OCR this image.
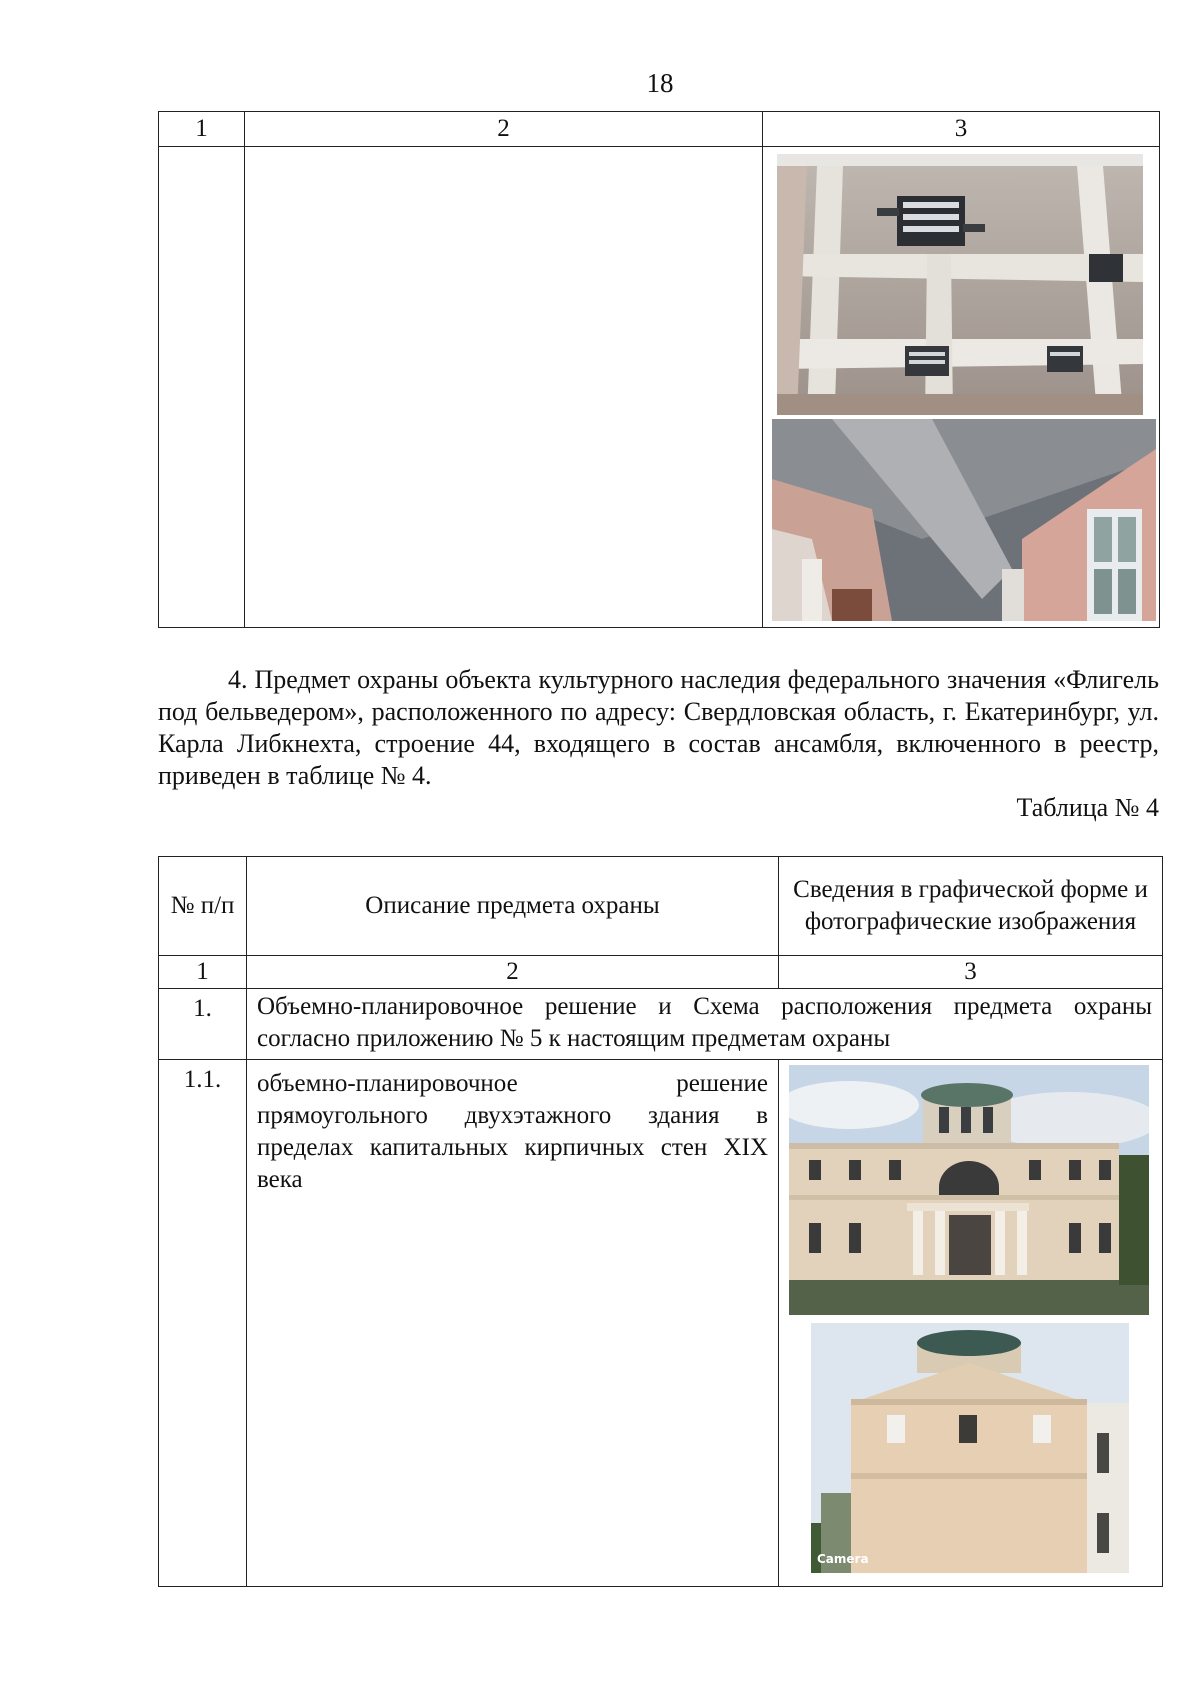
18
1	2	3

4. Предмет охраны объекта культурного наследия федерального значения «Флигель под бельведером», расположенного по адресу: Свердловская область, г. Екатеринбург, ул. Карла Либкнехта, строение 44, входящего в состав ансамбля, включенного в реестр, приведен в таблице № 4.
Таблица № 4
№ п/п	Описание предмета охраны	Сведения в графической форме и фотографические изображения
1	2	3
1.	Объемно-планировочное решение и Схема расположения предмета охраны согласно приложению № 5 к настоящим предметам охраны	
1.1.	объемно-планировочное решение прямоугольного двухэтажного здания в пределах капитальных кирпичных стен XIX века	Camera
